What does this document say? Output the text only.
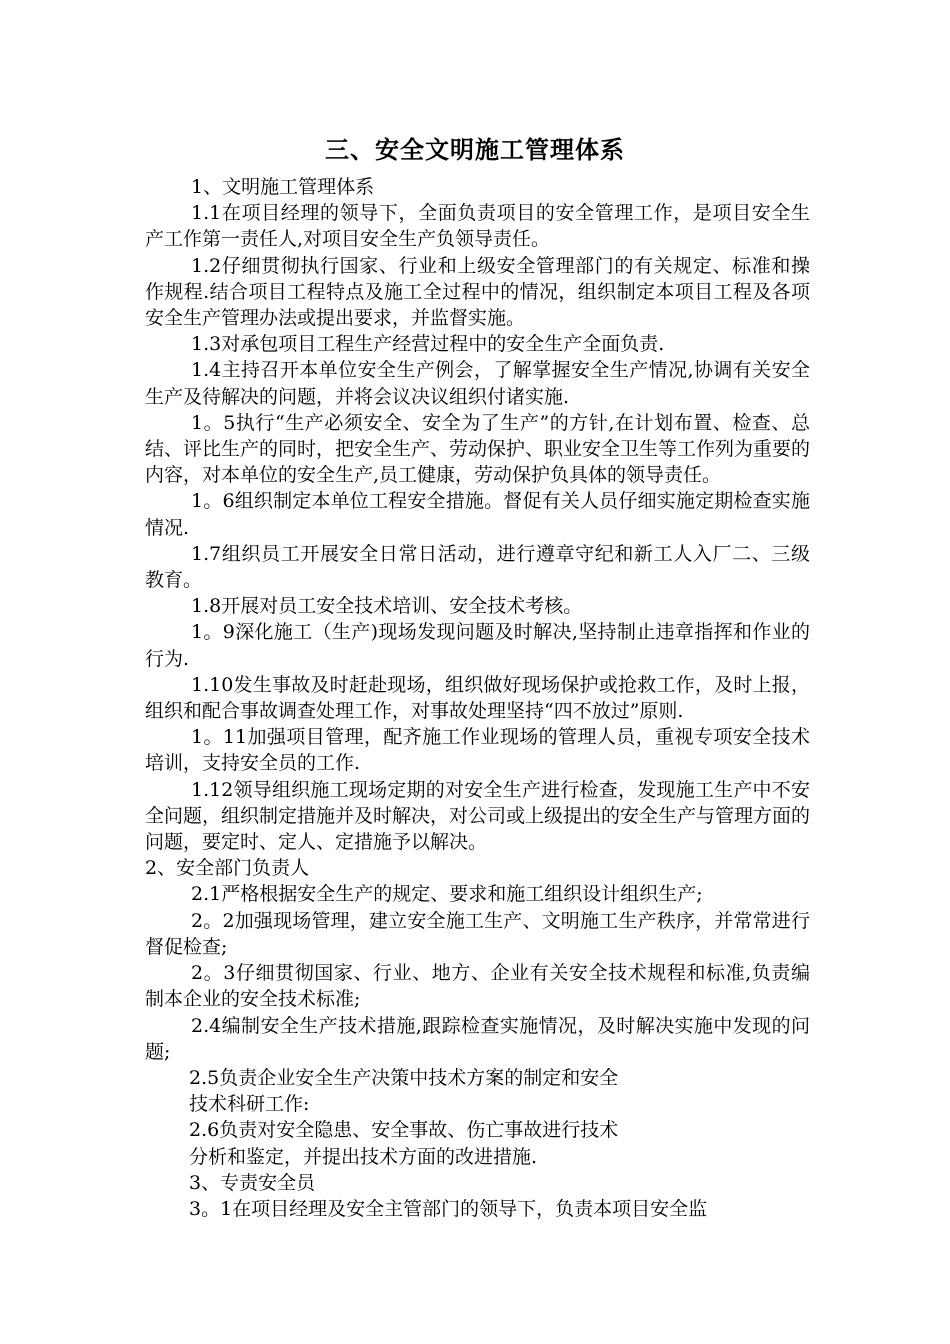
三、安全文明施工管理体系

1、文明施工管理体系

1.1在项目经理的领导下，全面负责项目的安全管理工作，是项目安全生产工作第一责任人,对项目安全生产负领导责任。

1.2仔细贯彻执行国家、行业和上级安全管理部门的有关规定、标准和操作规程.结合项目工程特点及施工全过程中的情况，组织制定本项目工程及各项安全生产管理办法或提出要求，并监督实施。

1.3对承包项目工程生产经营过程中的安全生产全面负责.

1.4主持召开本单位安全生产例会，了解掌握安全生产情况,协调有关安全生产及待解决的问题，并将会议决议组织付诸实施.

1。5执行“生产必须安全、安全为了生产”的方针,在计划布置、检查、总结、评比生产的同时，把安全生产、劳动保护、职业安全卫生等工作列为重要的内容，对本单位的安全生产,员工健康，劳动保护负具体的领导责任。

1。6组织制定本单位工程安全措施。督促有关人员仔细实施定期检查实施情况.

1.7组织员工开展安全日常日活动，进行遵章守纪和新工人入厂二、三级教育。

1.8开展对员工安全技术培训、安全技术考核。

1。9深化施工（生产)现场发现问题及时解决,坚持制止违章指挥和作业的行为.

1.10发生事故及时赶赴现场，组织做好现场保护或抢救工作，及时上报，组织和配合事故调查处理工作，对事故处理坚持“四不放过”原则.

1。11加强项目管理，配齐施工作业现场的管理人员，重视专项安全技术培训，支持安全员的工作.

1.12领导组织施工现场定期的对安全生产进行检查，发现施工生产中不安全问题，组织制定措施并及时解决，对公司或上级提出的安全生产与管理方面的问题，要定时、定人、定措施予以解决。

2、安全部门负责人

2.1严格根据安全生产的规定、要求和施工组织设计组织生产;

2。2加强现场管理，建立安全施工生产、文明施工生产秩序，并常常进行督促检查;

2。3仔细贯彻国家、行业、地方、企业有关安全技术规程和标准,负责编制本企业的安全技术标准;

2.4编制安全生产技术措施,跟踪检查实施情况，及时解决实施中发现的问题;

2.5负责企业安全生产决策中技术方案的制定和安全

技术科研工作:

2.6负责对安全隐患、安全事故、伤亡事故进行技术

分析和鉴定，并提出技术方面的改进措施.

3、专责安全员

3。1在项目经理及安全主管部门的领导下，负责本项目安全监
